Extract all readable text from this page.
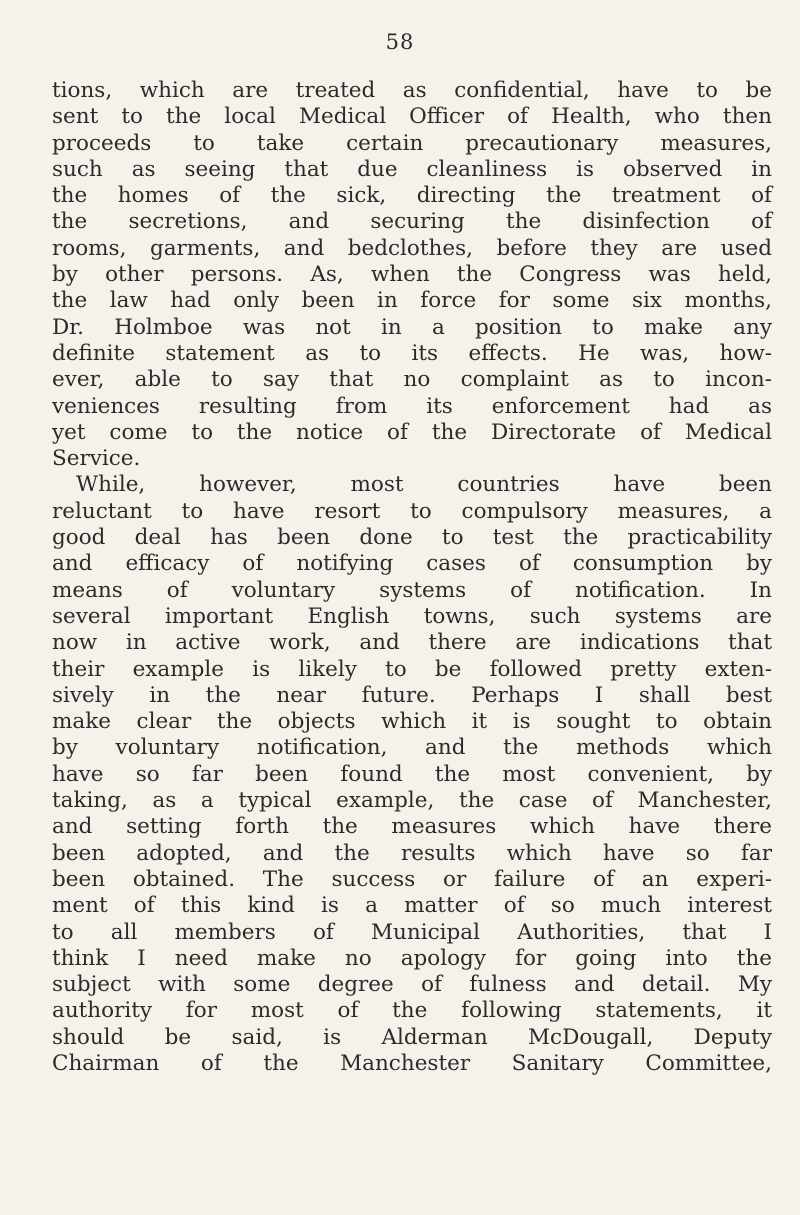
58
tions, which are treated as confidential, have to be
sent to the local Medical Officer of Health, who then
proceeds to take certain precautionary measures,
such as seeing that due cleanliness is observed in
the homes of the sick, directing the treatment of
the secretions, and securing the disinfection of
rooms, garments, and bedclothes, before they are used
by other persons. As, when the Congress was held,
the law had only been in force for some six months,
Dr. Holmboe was not in a position to make any
definite statement as to its effects. He was, how-
ever, able to say that no complaint as to incon-
veniences resulting from its enforcement had as
yet come to the notice of the Directorate of Medical
Service.
While, however, most countries have been
reluctant to have resort to compulsory measures, a
good deal has been done to test the practicability
and efficacy of notifying cases of consumption by
means of voluntary systems of notification. In
several important English towns, such systems are
now in active work, and there are indications that
their example is likely to be followed pretty exten-
sively in the near future. Perhaps I shall best
make clear the objects which it is sought to obtain
by voluntary notification, and the methods which
have so far been found the most convenient, by
taking, as a typical example, the case of Manchester,
and setting forth the measures which have there
been adopted, and the results which have so far
been obtained. The success or failure of an experi-
ment of this kind is a matter of so much interest
to all members of Municipal Authorities, that I
think I need make no apology for going into the
subject with some degree of fulness and detail. My
authority for most of the following statements, it
should be said, is Alderman McDougall, Deputy
Chairman of the Manchester Sanitary Committee,
